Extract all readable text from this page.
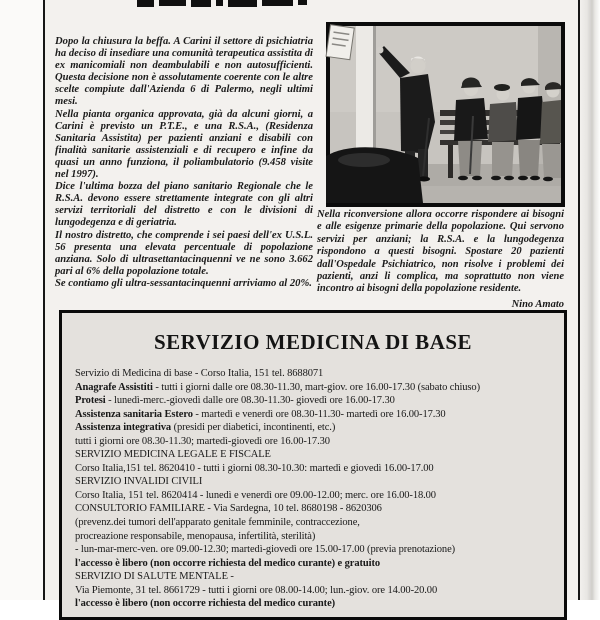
Dopo la chiusura la beffa. A Carini il settore di psichiatria ha deciso di insediare una comunità terapeutica assistita di ex manicomiali non deambulabili e non autosufficienti. Questa decisione non è assolutamente coerente con le altre scelte compiute dall'Azienda 6 di Palermo, negli ultimi mesi.

Nella pianta organica approvata, già da alcuni giorni, a Carini è previsto un P.T.E., e una R.S.A., (Residenza Sanitaria Assistita) per pazienti anziani e disabili con finalità sanitarie assistenziali e di recupero e infine da quasi un anno funziona, il poliambulatorio (9.458 visite nel 1997).

Dice l'ultima bozza del piano sanitario Regionale che le R.S.A. devono essere strettamente integrate con gli altri servizi territoriali del distretto e con le divisioni di lungodegenza e di geriatria.

Il nostro distretto, che comprende i sei paesi dell'ex U.S.L. 56 presenta una elevata percentuale di popolazione anziana. Solo di ultrasettantacinquenni ve ne sono 3.662 pari al 6% della popolazione totale.

Se contiamo gli ultra-sessantacinquenni arriviamo al 20%.

Nella riconversione allora occorre rispondere ai bisogni e alle esigenze primarie della popolazione. Qui servono servizi per anziani; la R.S.A. e la lungodegenza rispondono a questi bisogni. Spostare 20 pazienti dall'Ospedale Psichiatrico, non risolve i problemi dei pazienti, anzi li complica, ma soprattutto non viene incontro ai bisogni della popolazione residente.

Nino Amato
SERVIZIO MEDICINA DI BASE
Servizio di Medicina di base - Corso Italia, 151 tel. 8688071
Anagrafe Assistiti - tutti i giorni dalle ore 08.30-11.30, mart-giov. ore 16.00-17.30 (sabato chiuso)
Protesi - lunedì-merc.-giovedì dalle ore 08.30-11.30- giovedì ore 16.00-17.30
Assistenza sanitaria Estero - martedì e venerdì ore 08.30-11.30- martedì ore 16.00-17.30
Assistenza integrativa (presidi per diabetici, incontinenti, etc.)
tutti i giorni ore 08.30-11.30; martedì-giovedì ore 16.00-17.30
SERVIZIO MEDICINA LEGALE E FISCALE
Corso Italia,151 tel. 8620410 - tutti i giorni 08.30-10.30: martedì e giovedì 16.00-17.00
SERVIZIO INVALIDI CIVILI
Corso Italia, 151 tel. 8620414 - lunedì e venerdì ore 09.00-12.00; merc. ore 16.00-18.00
CONSULTORIO FAMILIARE - Via Sardegna, 10 tel. 8680198 - 8620306
(prevenz.dei tumori dell'apparato genitale femminile, contraccezione,
procreazione responsabile, menopausa, infertilità, sterilità)
- lun-mar-merc-ven. ore 09.00-12.30; martedì-giovedì ore 15.00-17.00 (previa prenotazione)
l'accesso è libero (non occorre richiesta del medico curante) e gratuito
SERVIZIO DI SALUTE MENTALE -
Via Piemonte, 31 tel. 8661729 - tutti i giorni ore 08.00-14.00; lun.-giov. ore 14.00-20.00
l'accesso è libero (non occorre richiesta del medico curante)
